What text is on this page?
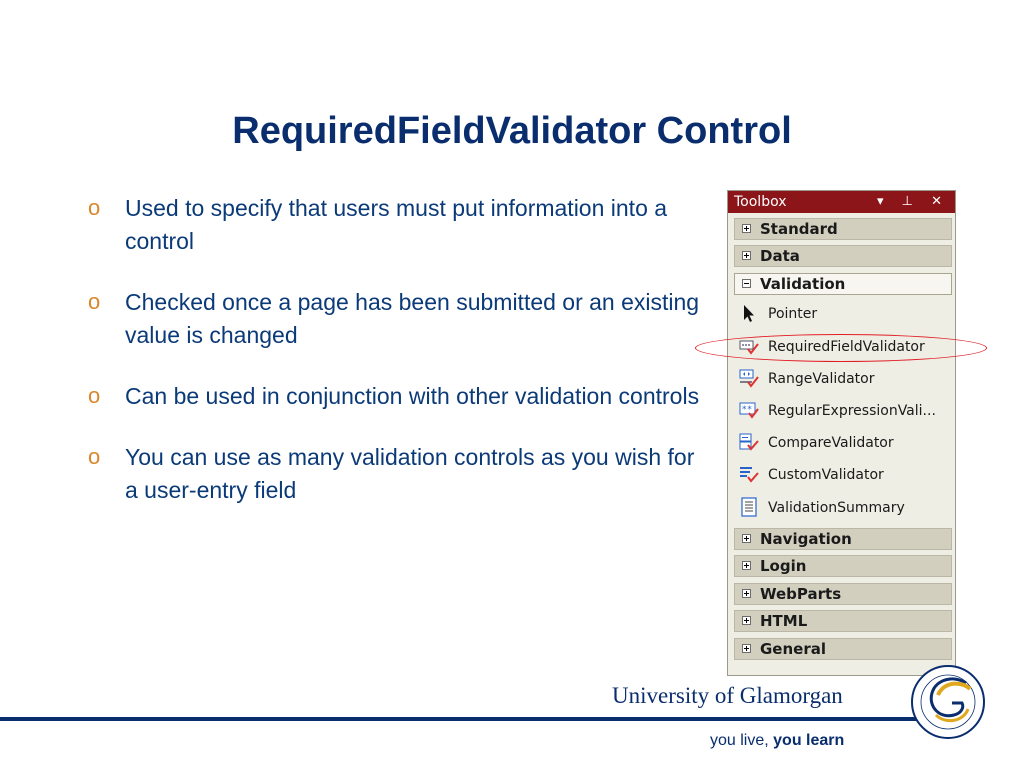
RequiredFieldValidator Control
o Used to specify that users must put information into a control
o Checked once a page has been submitted or an existing value is changed
o Can be used in conjunction with other validation controls
o You can use as many validation controls as you wish for a user-entry field
Toolbox	▾ ⊥ ✕
Standard
Data
Validation
Pointer
RequiredFieldValidator
RangeValidator
** RegularExpressionVali...
CompareValidator
CustomValidator
ValidationSummary
Navigation
Login
WebParts
HTML
General
University of Glamorgan
you live, you learn
